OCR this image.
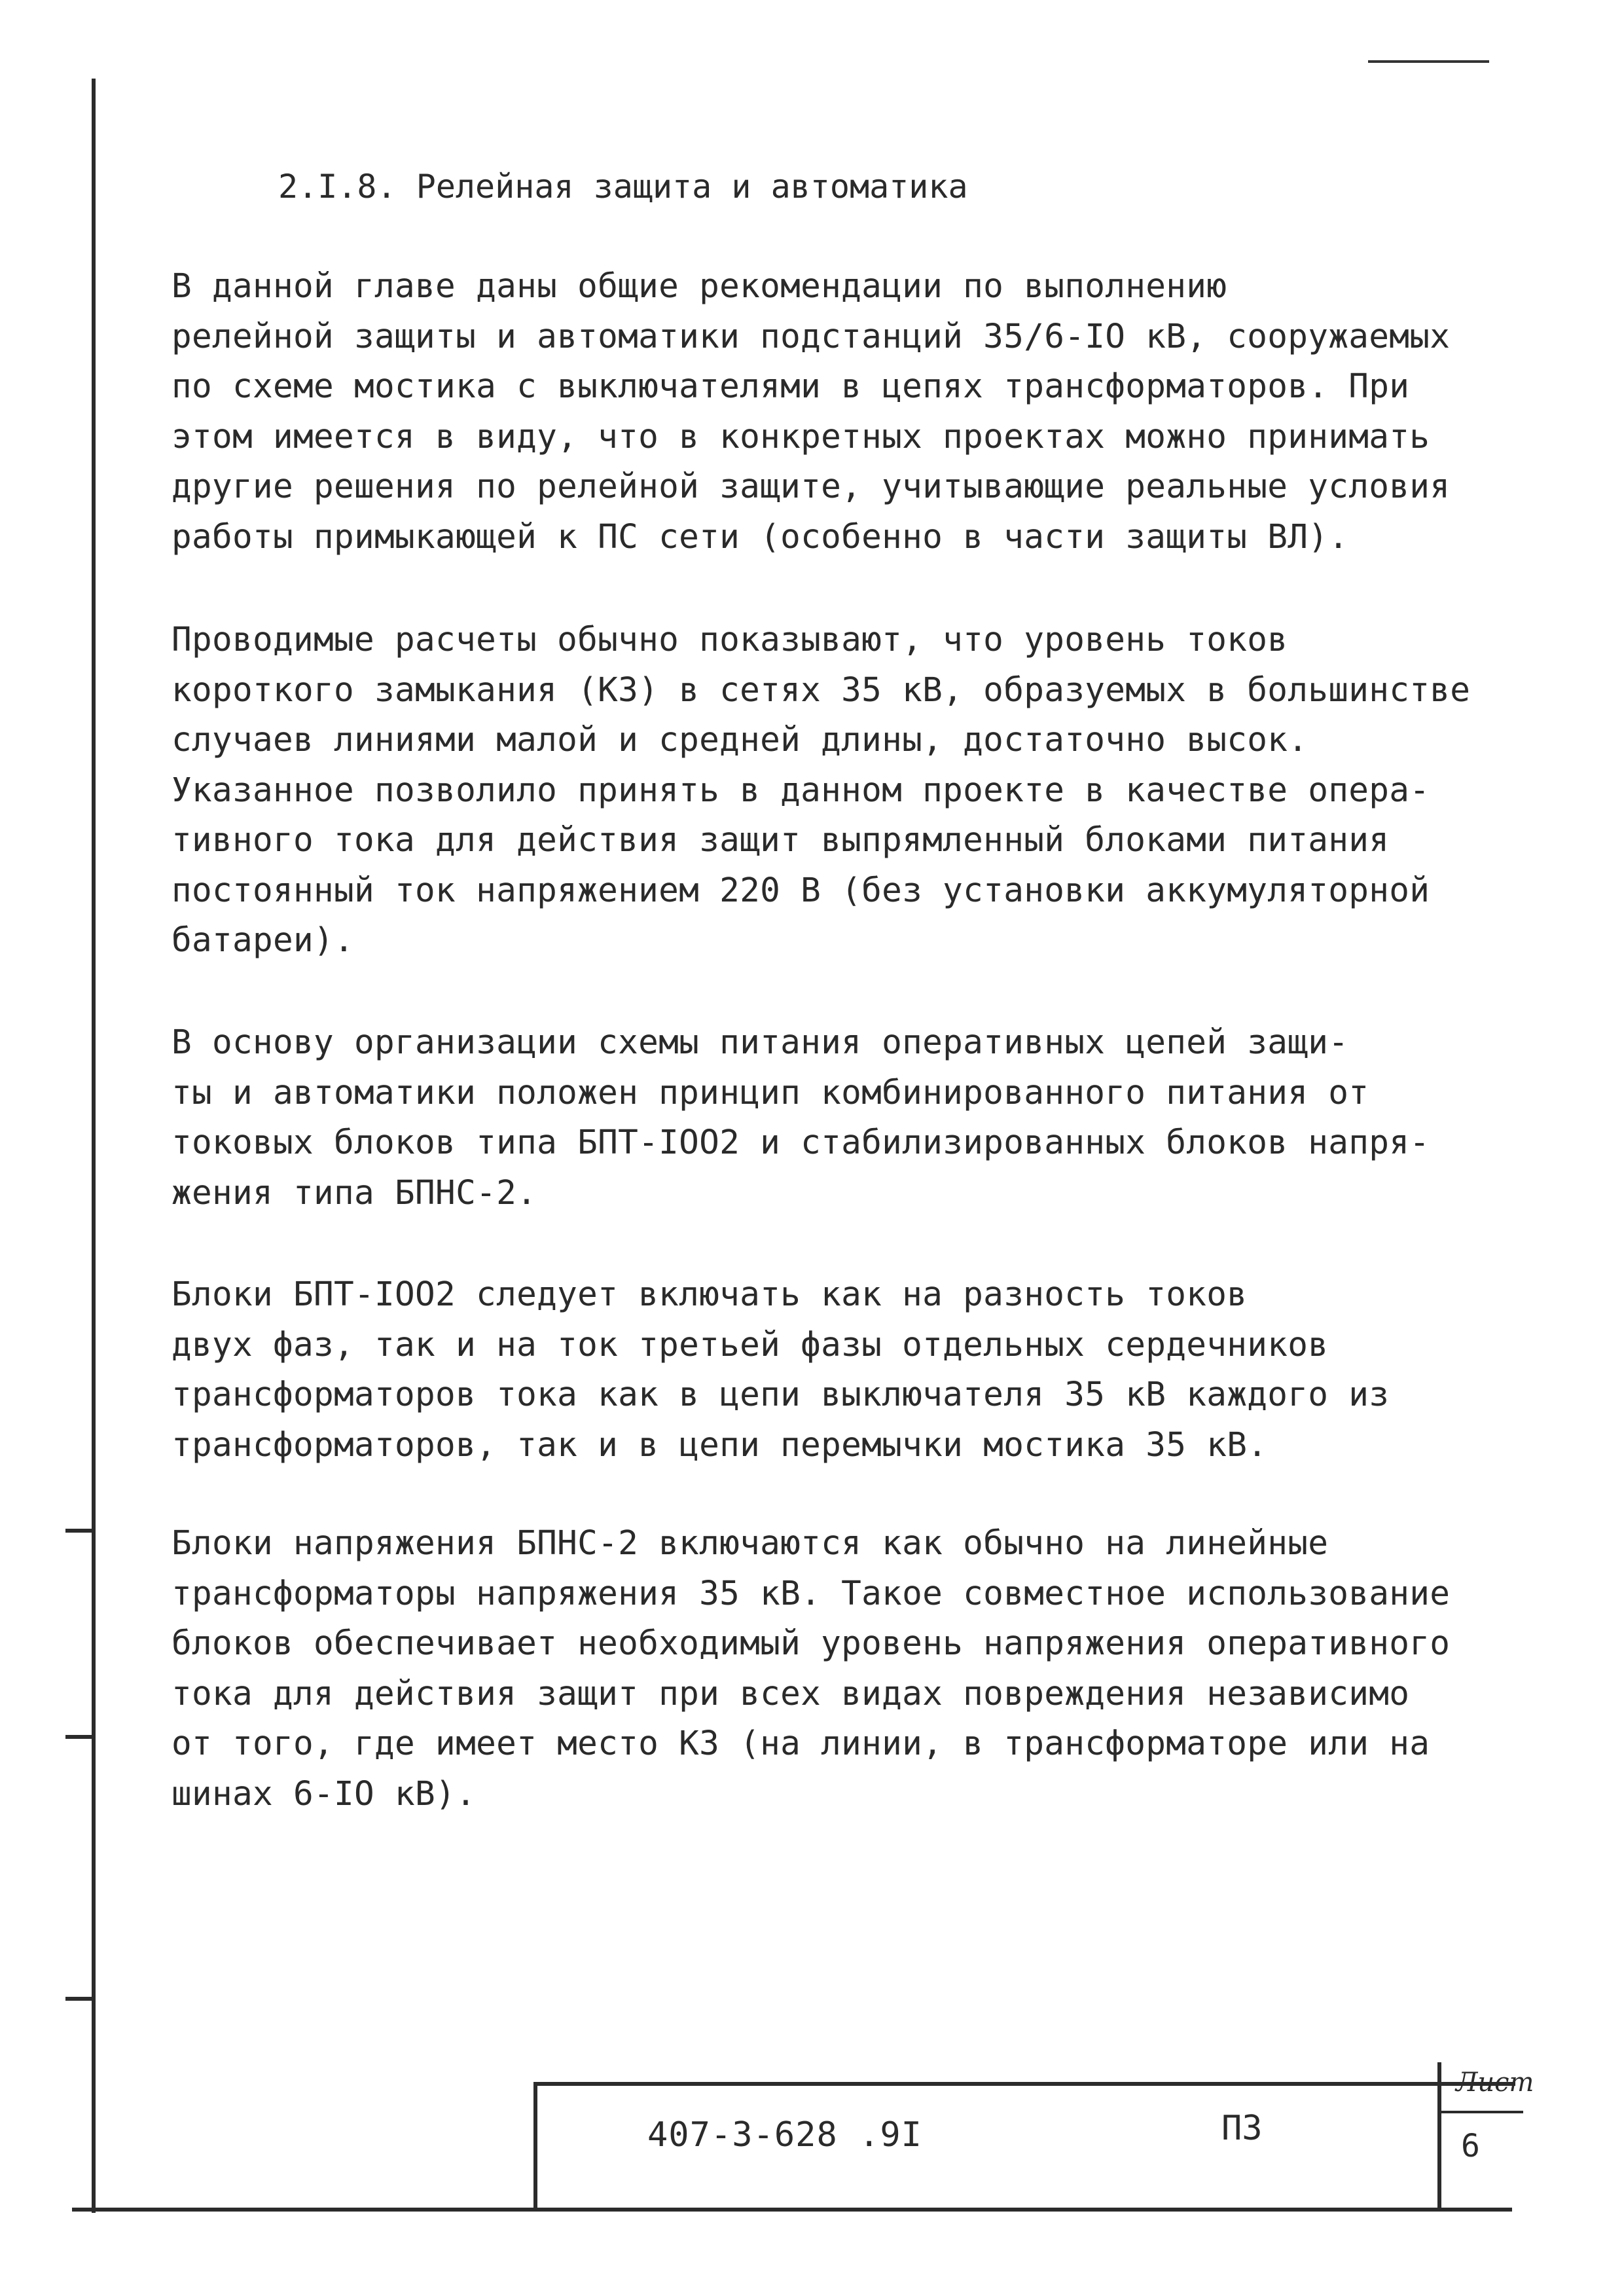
2.I.8. Релейная защита и автоматика

В данной главе даны общие рекомендации по выполнению
релейной защиты и автоматики подстанций 35/6-IO кВ, сооружаемых
по схеме мостика с выключателями в цепях трансформаторов. При
этом имеется в виду, что в конкретных проектах можно принимать
другие решения по релейной защите, учитывающие реальные условия
работы примыкающей к ПС сети (особенно в части защиты ВЛ).

Проводимые расчеты обычно показывают, что уровень токов
короткого замыкания (КЗ) в сетях 35 кВ, образуемых в большинстве
случаев линиями малой и средней длины, достаточно высок.
Указанное позволило принять в данном проекте в качестве опера-
тивного тока для действия защит выпрямленный блоками питания
постоянный ток напряжением 220 В (без установки аккумуляторной
батареи).

В основу организации схемы питания оперативных цепей защи-
ты и автоматики положен принцип комбинированного питания от
токовых блоков типа БПТ-IOO2 и стабилизированных блоков напря-
жения типа БПНС-2.

Блоки БПТ-IOO2 следует включать как на разность токов
двух фаз, так и на ток третьей фазы отдельных сердечников
трансформаторов тока как в цепи выключателя 35 кВ каждого из
трансформаторов, так и в цепи перемычки мостика 35 кВ.

Блоки напряжения БПНС-2 включаются как обычно на линейные
трансформаторы напряжения 35 кВ. Такое совместное использование
блоков обеспечивает необходимый уровень напряжения оперативного
тока для действия защит при всех видах повреждения независимо
от того, где имеет место КЗ (на линии, в трансформаторе или на
шинах 6-IO кВ).

407-3-628 .9I	ПЗ
Лист
6
